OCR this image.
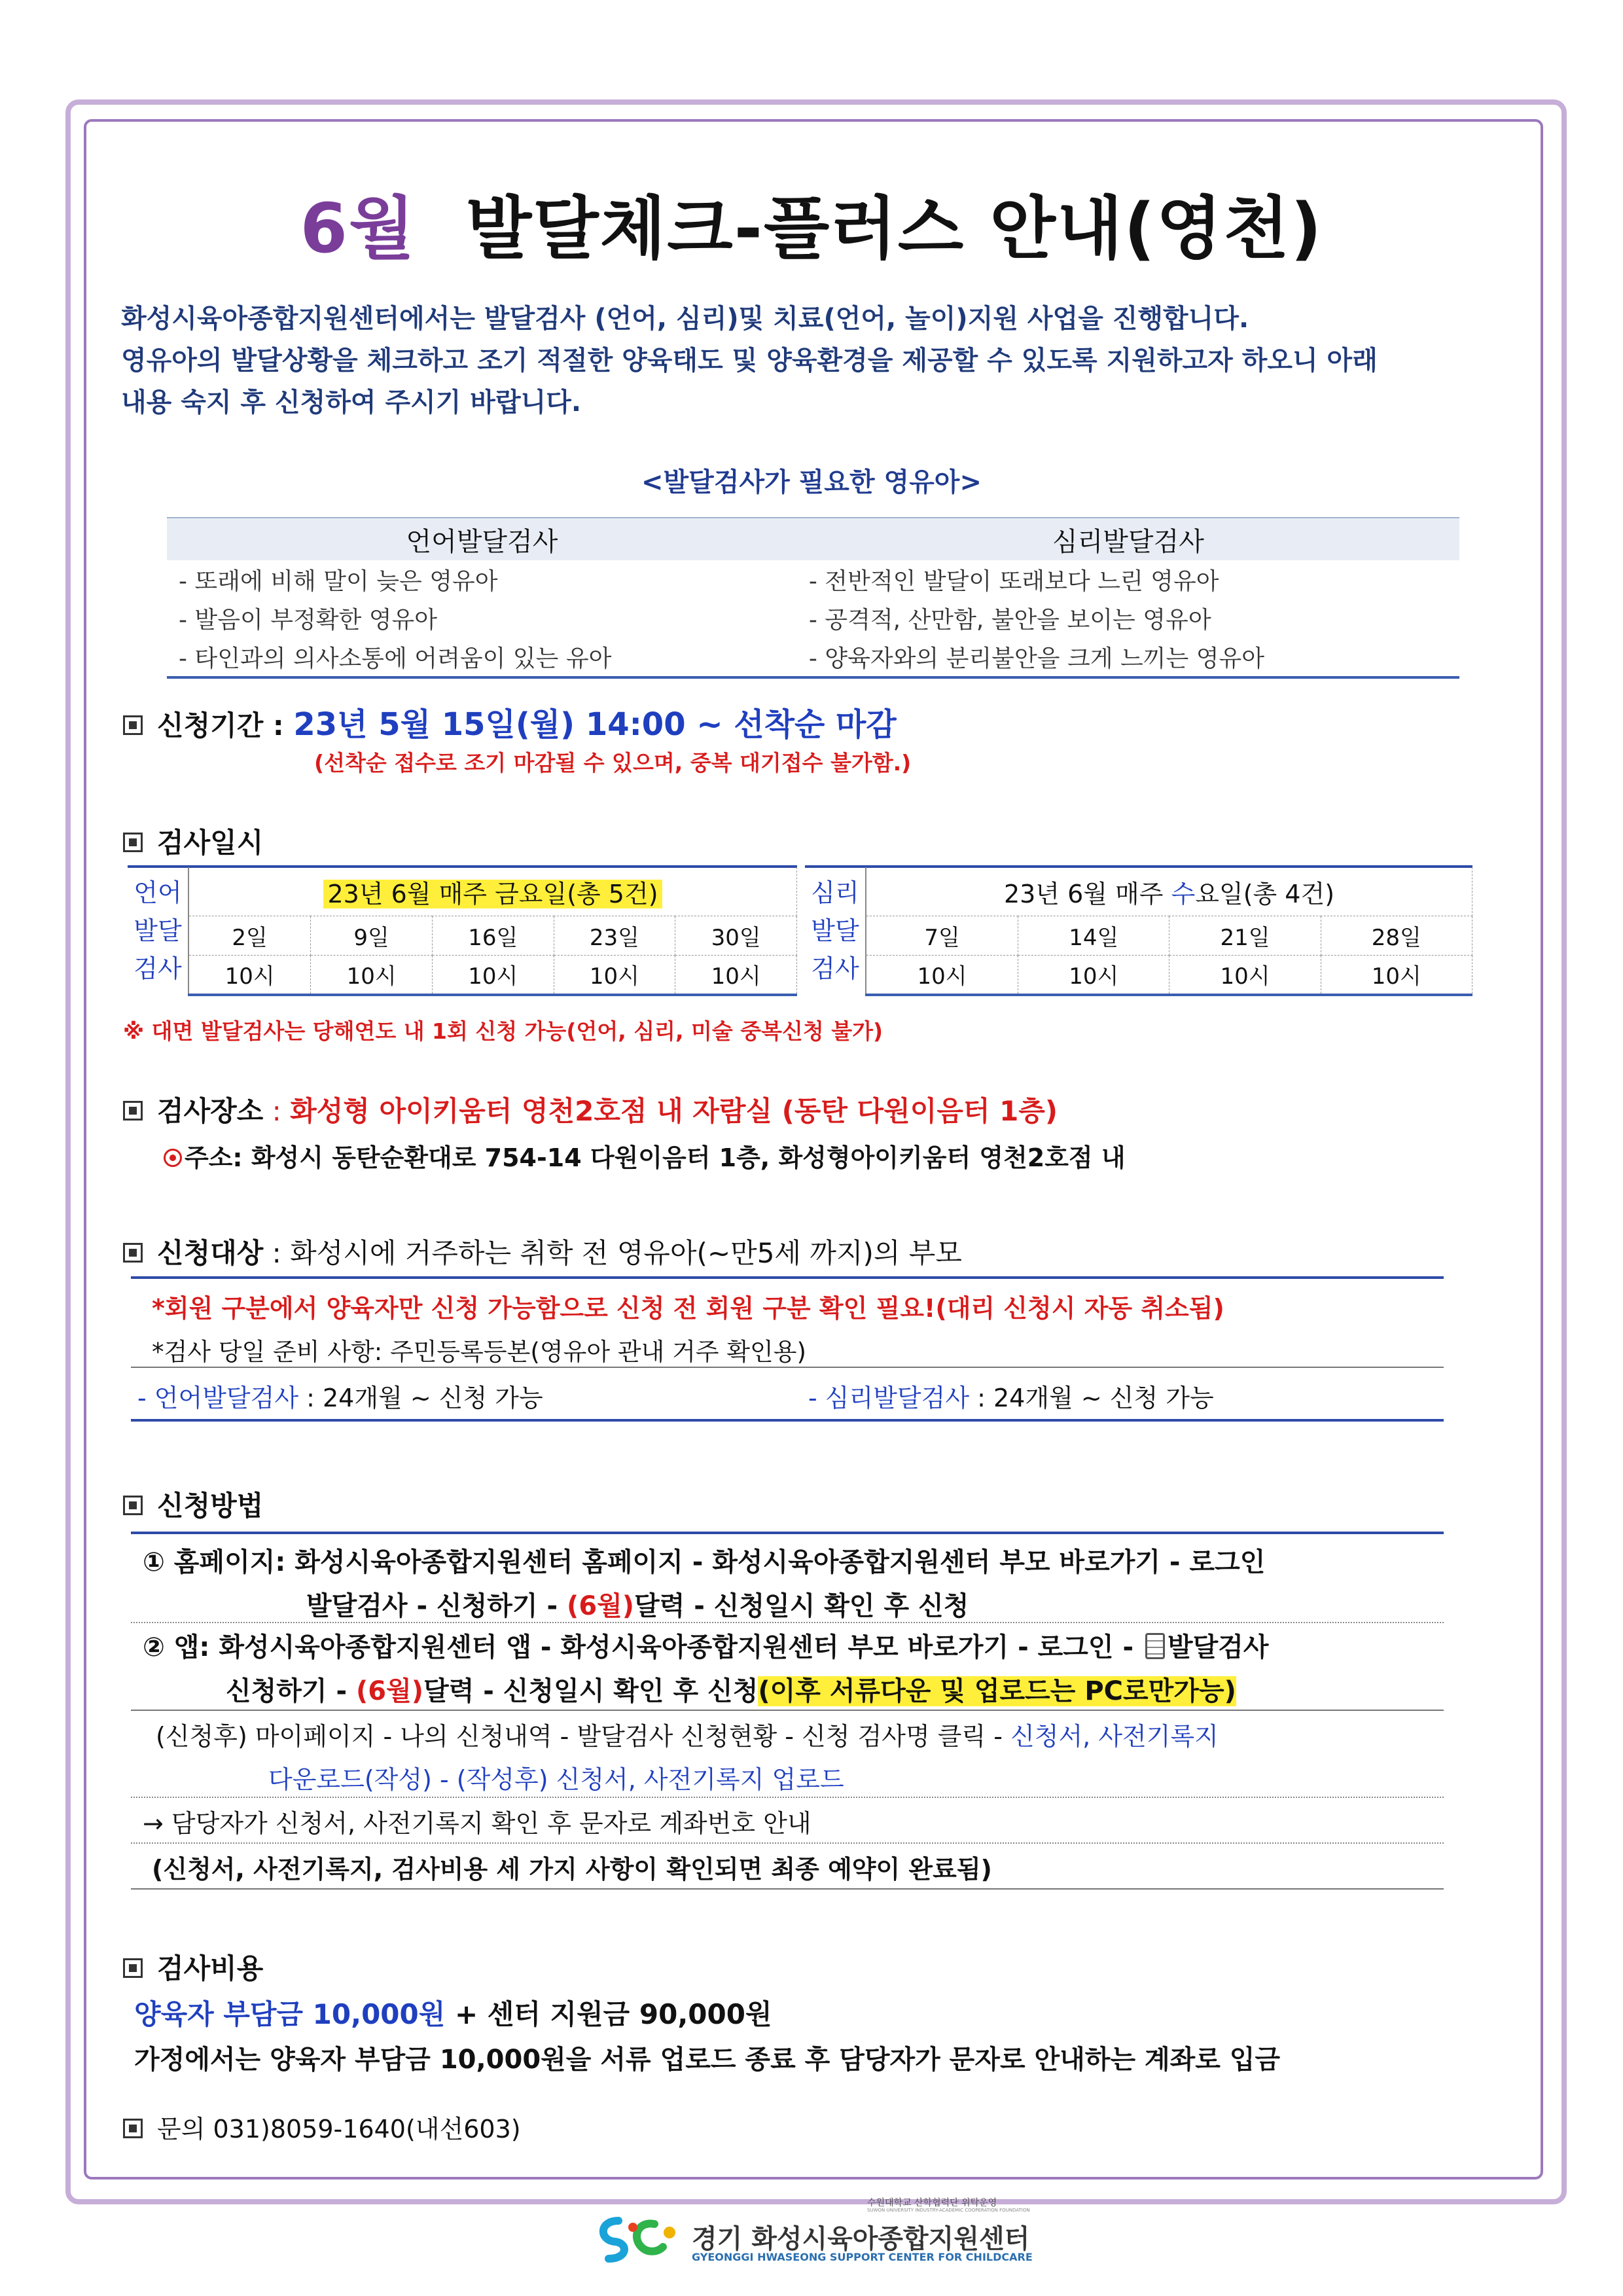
6월 발달체크-플러스 안내(영천)
화성시육아종합지원센터에서는 발달검사 (언어, 심리)및 치료(언어, 놀이)지원 사업을 진행합니다.
영유아의 발달상황을 체크하고 조기 적절한 양육태도 및 양육환경을 제공할 수 있도록 지원하고자 하오니 아래
내용 숙지 후 신청하여 주시기 바랍니다.
<발달검사가 필요한 영유아>
언어발달검사	심리발달검사
- 또래에 비해 말이 늦은 영유아	- 전반적인 발달이 또래보다 느린 영유아
- 발음이 부정확한 영유아	- 공격적, 산만함, 불안을 보이는 영유아
- 타인과의 의사소통에 어려움이 있는 유아	- 양육자와의 분리불안을 크게 느끼는 영유아
신청기간 : 23년 5월 15일(월) 14:00 ~ 선착순 마감
(선착순 접수로 조기 마감될 수 있으며, 중복 대기접수 불가함.)
검사일시
언어
발달
검사	23년 6월 매주 금요일(총 5건)				
	2일	9일	16일	23일	30일
	10시	10시	10시	10시	10시
심리
발달
검사	23년 6월 매주 수요일(총 4건)			
	7일	14일	21일	28일
	10시	10시	10시	10시
※ 대면 발달검사는 당해연도 내 1회 신청 가능(언어, 심리, 미술 중복신청 불가)
검사장소 : 화성형 아이키움터 영천2호점 내 자람실 (동탄 다원이음터 1층)
주소: 화성시 동탄순환대로 754-14 다원이음터 1층, 화성형아이키움터 영천2호점 내
신청대상 : 화성시에 거주하는 취학 전 영유아(~만5세 까지)의 부모
*회원 구분에서 양육자만 신청 가능함으로 신청 전 회원 구분 확인 필요!(대리 신청시 자동 취소됨)
*검사 당일 준비 사항: 주민등록등본(영유아 관내 거주 확인용)
- 언어발달검사 : 24개월 ~ 신청 가능	- 심리발달검사 : 24개월 ~ 신청 가능
신청방법
① 홈페이지: 화성시육아종합지원센터 홈페이지 - 화성시육아종합지원센터 부모 바로가기 - 로그인
발달검사 - 신청하기 - (6월)달력 - 신청일시 확인 후 신청
② 앱: 화성시육아종합지원센터 앱 - 화성시육아종합지원센터 부모 바로가기 - 로그인 - 발달검사
신청하기 - (6월)달력 - 신청일시 확인 후 신청(이후 서류다운 및 업로드는 PC로만가능)
(신청후) 마이페이지 - 나의 신청내역 - 발달검사 신청현황 - 신청 검사명 클릭 - 신청서, 사전기록지
다운로드(작성) - (작성후) 신청서, 사전기록지 업로드
→ 담당자가 신청서, 사전기록지 확인 후 문자로 계좌번호 안내
(신청서, 사전기록지, 검사비용 세 가지 사항이 확인되면 최종 예약이 완료됨)
검사비용
양육자 부담금 10,000원 + 센터 지원금 90,000원
가정에서는 양육자 부담금 10,000원을 서류 업로드 종료 후 담당자가 문자로 안내하는 계좌로 입금
문의 031)8059-1640(내선603)
수원대학교 산학협력단 위탁운영
SUWON UNIVERSITY INDUSTRY-ACADEMIC COOPERATION FOUNDATION
경기 화성시육아종합지원센터
GYEONGGI HWASEONG SUPPORT CENTER FOR CHILDCARE
